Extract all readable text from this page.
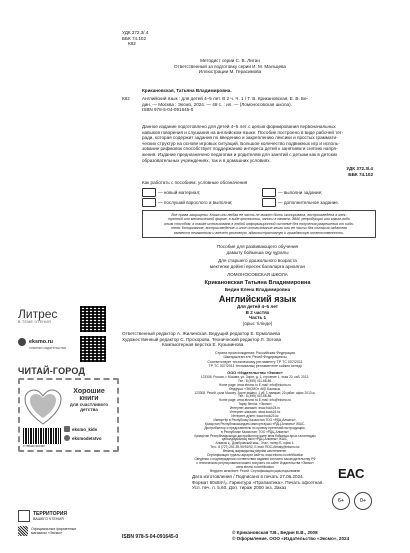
УДК 372.3/.4
ББК 74.102
К82
Методист серии С. В. Литан
Ответственный за подготовку серии И. М. Мальцева
Иллюстрации М. Герасимова
Крикановская, Татьяна Владимировна.
К82	Английский язык : для детей 4–5 лет. В 2 ч. Ч. 1 / Т. В. Крикановская, Е. В. Бе-
дин. — Москва : Эксмо, 2024. — 48 с. : ил. — (Ломоносовская школа).
ISBN 978-5-04-091645-0
Данное издание подготовлено для детей 4–5 лет с целью формирования первоначальных
навыков говорения и слушания на английском языке. Пособие построено в виде рабочей тет-
ради, которая содержит задания по введению и закреплению лексики и простых граммати-
ческих структур на основе игровых ситуаций. Большое количество подвижных игр и исполь-
зование рифмовок способствует поддержанию интереса детей к занятиям и снятию напря-
жения. Издание предназначено педагогам и родителям для занятий с детьми как в детских
образовательных учреждениях, так и в домашних условиях.
УДК 372.3/.4
ББК 74.102
Как работать с пособием: условные обозначения
— новый материал;	— выполни задание;
— послушай взрослого и выполни;	— дополнительное задание.
Все права защищены. Книга или любая ее часть не может быть скопирована, воспроизведена в элек-
тронной или механической форме, в виде фотокопии, записи в память ЭВМ, репродукции или каким-либо
иным способом, а также использована в любой информационной системе без получения разрешения от изда-
теля. Копирование, воспроизведение и иное использование книги или ее части без согласия издателя
является незаконным и влечет уголовную, административную и гражданскую ответственность.
Пособие для развивающего обучения
дамыту бойынша оқу құралы
Для старшего дошкольного возраста
мектепке дейінгі ересек балаларға арналған
ЛОМОНОСОВСКАЯ ШКОЛА
Крикановская Татьяна Владимировна
Бедин Елена Владимировна
Английский язык
Для детей 4–5 лет
В 2 частях
Часть 1
(орыс тілінде)
Ответственный редактор А. Жилинская. Ведущий редактор Е. Ермолаева
Художественный редактор С. Прохорова. Технический редактор Л. Зотова
Компьютерная верстка Е. Кузьминова
Страна происхождения: Российская Федерация
Шығарылған елі: Ресей Федерациясы
Соответствует техническому регламенту ТР ТС 007/2011
ТР ТС 007/2011 техникалық регламентіне сәйкес келеді
ООО «Издательство «Эксмо»
123308, Россия, г. Москва, ул. Зорге, д. 1, строение 1, этаж 20, каб. 2013.
Тел.: 8 (495) 411-68-86.
Home page: www.eksmo.ru E-mail: info@eksmo.ru
Өндіруші: «ЭКСМО» АҚБ Баспасы,
123308, Ресей, қала Мәскеу, Зорге көшесі, 1 үй, 1 ғимарат, 20 қабат, офис 2013 ж.
Тел.: 8 (495) 411-68-86.
Home page: www.eksmo.ru E-mail: info@eksmo.ru
Тауар белгісі: «Эксмо»
Интернет-магазин: www.book24.ru
Интернет-магазин: www.book24.kz
Интернет-дүкен: www.book24.kz
Импортёр в Республику Казахстан ТОО «РДЦ-Алматы».
Қазақстан Республикасындағы импорттаушы «РДЦ-Алматы» ЖШС.
Дистрибьютор и представитель по приему претензий на продукцию,
в Республике Казахстан: ТОО «РДЦ-Алматы»
Қазақстан Республикасында дистрибьютор және өнім бойынша арыз-талаптарды
қабылдаушының өкілі «РДЦ-Алматы» ЖШС,
Алматы қ., Домбровский көш., 3«а», литер Б, офис 1.
Тел.: 8 (727) 251-59-90/91/92; E-mail: RDC-Almaty@eksmo.kz
Өнімнің жарамдылық мерзімі шектелмеген.
Сертификация туралы ақпарат сайтта: www.eksmo.ru/certification
Сведения о подтверждении соответствия издания согласно законодательству РФ
о техническом регулировании можно получить на сайте Издательства «Эксмо»
www.eksmo.ru/certification
Өндірген мемлекет: Ресей. Сертификация қарастырылмаған
Дата изготовления / Подписано в печать 27.06.2024.
Формат 60x84¹/₈. Гарнитура «Прагматика». Печать офсетная.
Усл. печ. л. 5,60. Доп. тираж 2000 экз. Заказ
Литрес
В ТЕМЕ ЧТЕНИЯ
eksmo.ru
новинки издательства
ЧИТАЙ-ГОРОД
Хорошие
книги
для счастливого
детства
9 785040 916450
eksmo_kids
eksmodetstvo
ТЕРРИТОРИЯ
ВАШЕГО ЧТЕНИЯ
Официальные фирменные
магазины «Эксмо»
EAC
6+	0+
ISBN 978-5-04-091645-0
© Крикановская Т.В., Бедин Е.В., 2008
© Оформление. ООО «Издательство «Эксмо», 2024
